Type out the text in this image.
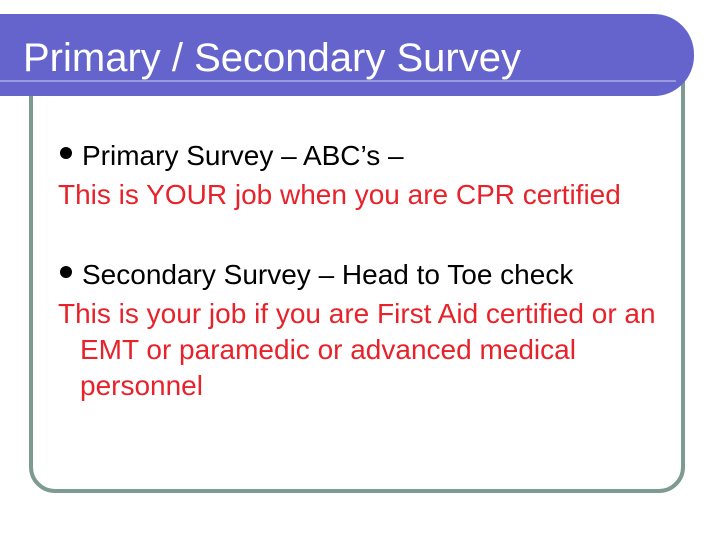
Primary / Secondary Survey
Primary Survey – ABC’s –

This is YOUR job when you are CPR certified

Secondary Survey – Head to Toe check

This is your job if you are First Aid certified or an EMT or paramedic or advanced medical personnel
